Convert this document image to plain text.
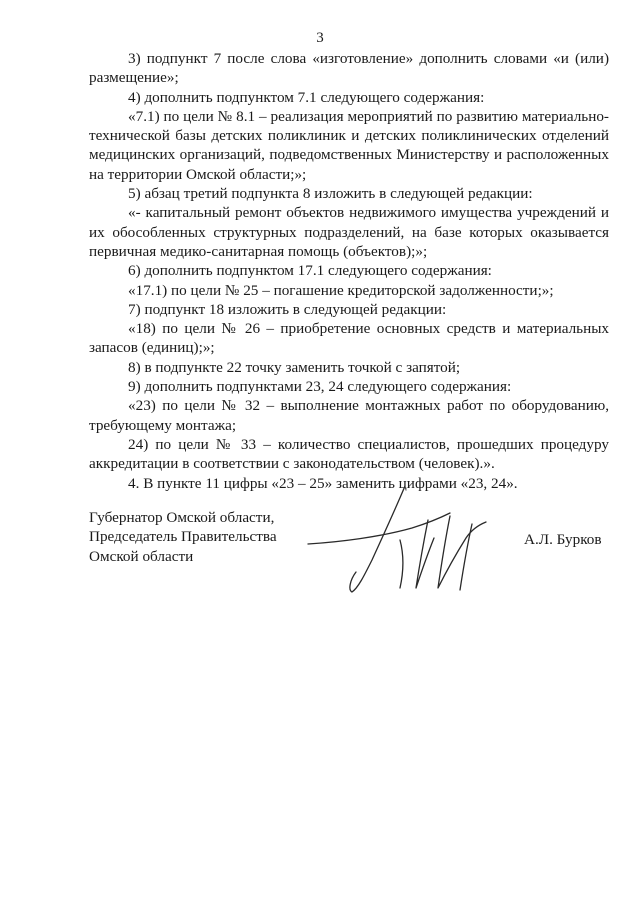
3

3) подпункт 7 после слова «изготовление» дополнить словами «и (или) размещение»;

4) дополнить подпунктом 7.1 следующего содержания:

«7.1) по цели № 8.1 – реализация мероприятий по развитию материально-технической базы детских поликлиник и детских поликлинических отделений медицинских организаций, подведомственных Министерству и расположенных на территории Омской области;»;

5) абзац третий подпункта 8 изложить в следующей редакции:

«- капитальный ремонт объектов недвижимого имущества учреждений и их обособленных структурных подразделений, на базе которых оказывается первичная медико-санитарная помощь (объектов);»;

6) дополнить подпунктом 17.1 следующего содержания:

«17.1) по цели № 25 – погашение кредиторской задолженности;»;

7) подпункт 18 изложить в следующей редакции:

«18) по цели № 26 – приобретение основных средств и материальных запасов (единиц);»;

8) в подпункте 22 точку заменить точкой с запятой;

9) дополнить подпунктами 23, 24 следующего содержания:

«23) по цели № 32 – выполнение монтажных работ по оборудованию, требующему монтажа;

24) по цели № 33 – количество специалистов, прошедших процедуру аккредитации в соответствии с законодательством (человек).».

4. В пункте 11 цифры «23 – 25» заменить цифрами «23, 24».

Губернатор Омской области,
Председатель Правительства
Омской области
А.Л. Бурков
